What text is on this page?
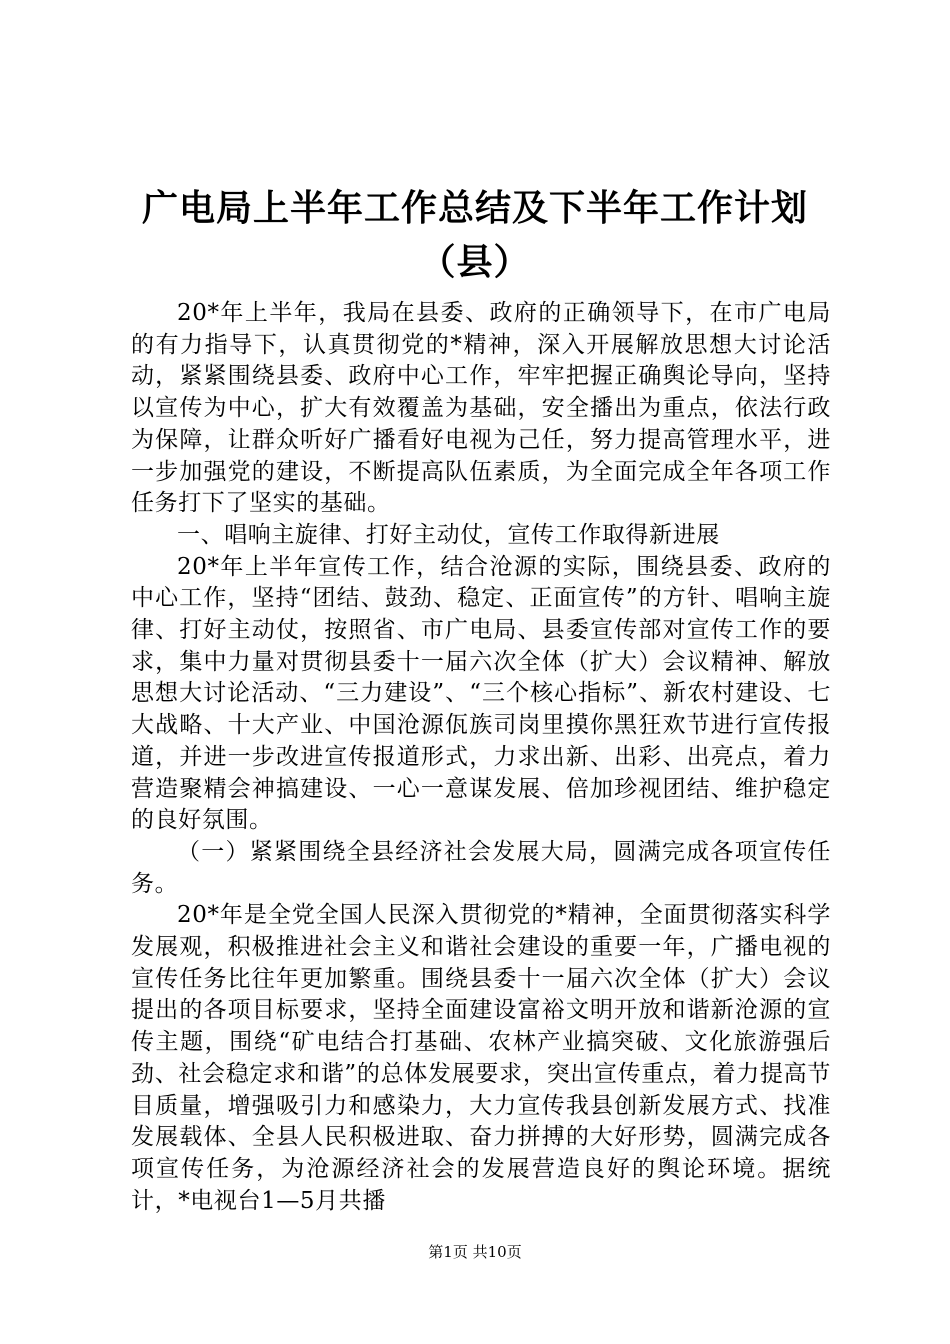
广电局上半年工作总结及下半年工作计划
（县）

20*年上半年，我局在县委、政府的正确领导下，在市广电局的有力指导下，认真贯彻党的*精神，深入开展解放思想大讨论活动，紧紧围绕县委、政府中心工作，牢牢把握正确舆论导向，坚持以宣传为中心，扩大有效覆盖为基础，安全播出为重点，依法行政为保障，让群众听好广播看好电视为己任，努力提高管理水平，进一步加强党的建设，不断提高队伍素质，为全面完成全年各项工作任务打下了坚实的基础。

一、唱响主旋律、打好主动仗，宣传工作取得新进展

20*年上半年宣传工作，结合沧源的实际，围绕县委、政府的中心工作，坚持“团结、鼓劲、稳定、正面宣传”的方针、唱响主旋律、打好主动仗，按照省、市广电局、县委宣传部对宣传工作的要求，集中力量对贯彻县委十一届六次全体（扩大）会议精神、解放思想大讨论活动、“三力建设”、“三个核心指标”、新农村建设、七大战略、十大产业、中国沧源佤族司岗里摸你黑狂欢节进行宣传报道，并进一步改进宣传报道形式，力求出新、出彩、出亮点，着力营造聚精会神搞建设、一心一意谋发展、倍加珍视团结、维护稳定的良好氛围。

（一）紧紧围绕全县经济社会发展大局，圆满完成各项宣传任务。

20*年是全党全国人民深入贯彻党的*精神，全面贯彻落实科学发展观，积极推进社会主义和谐社会建设的重要一年，广播电视的宣传任务比往年更加繁重。围绕县委十一届六次全体（扩大）会议提出的各项目标要求，坚持全面建设富裕文明开放和谐新沧源的宣传主题，围绕“矿电结合打基础、农林产业搞突破、文化旅游强后劲、社会稳定求和谐”的总体发展要求，突出宣传重点，着力提高节目质量，增强吸引力和感染力，大力宣传我县创新发展方式、找准发展载体、全县人民积极进取、奋力拼搏的大好形势，圆满完成各项宣传任务，为沧源经济社会的发展营造良好的舆论环境。据统计，*电视台1—5月共播

第1页 共10页
